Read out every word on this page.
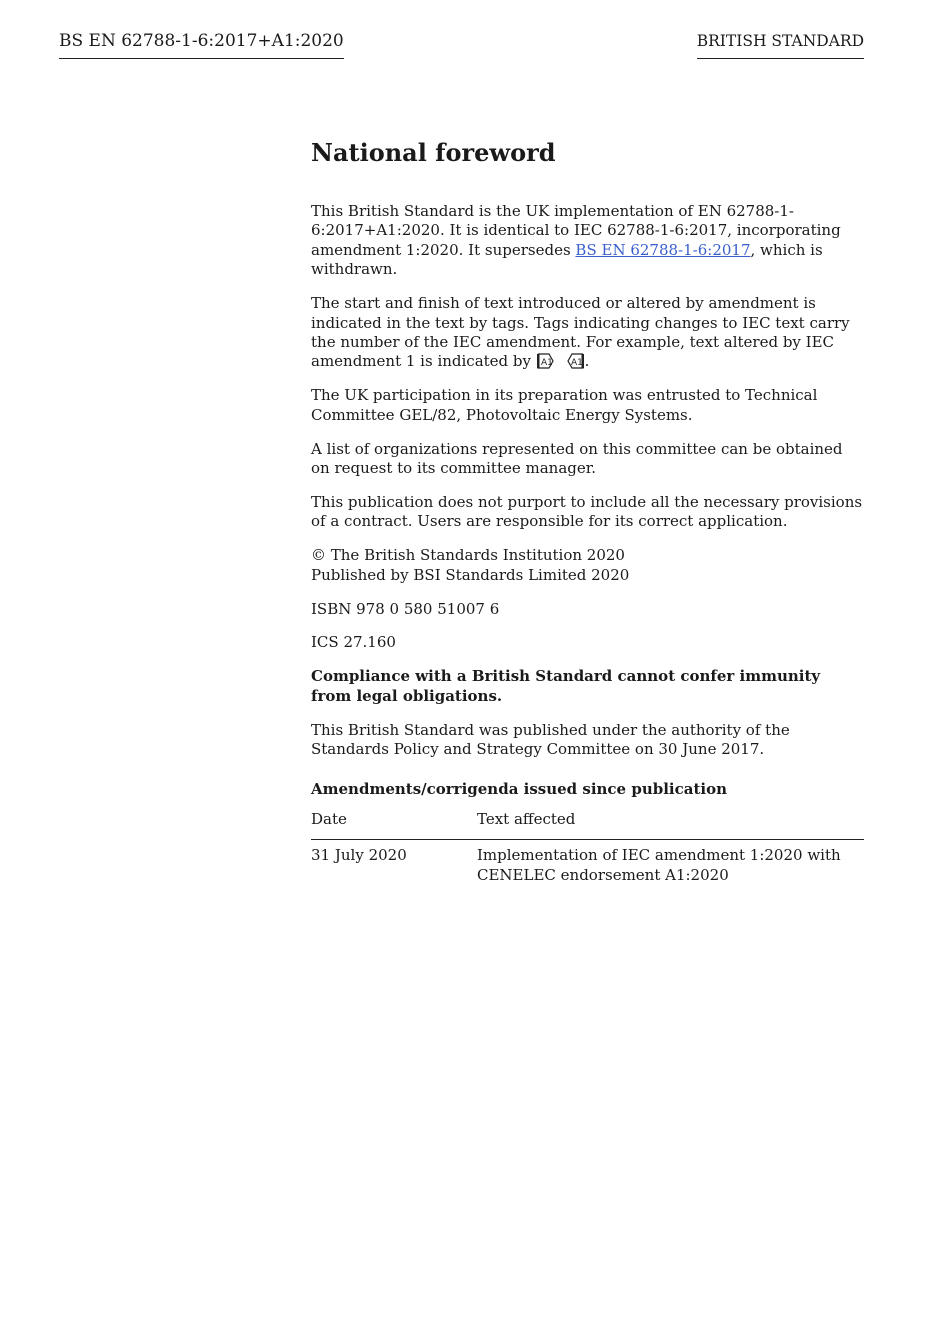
BS EN 62788-1-6:2017+A1:2020	BRITISH STANDARD
National foreword

This British Standard is the UK implementation of EN 62788-1-6:2017+A1:2020. It is identical to IEC 62788-1-6:2017, incorporating amendment 1:2020. It supersedes BS EN 62788-1-6:2017, which is withdrawn.

The start and finish of text introduced or altered by amendment is indicated in the text by tags. Tags indicating changes to IEC text carry the number of the IEC amendment. For example, text altered by IEC amendment 1 is indicated by A1
A1 .

The UK participation in its preparation was entrusted to Technical Committee GEL/82, Photovoltaic Energy Systems.

A list of organizations represented on this committee can be obtained on request to its committee manager.

This publication does not purport to include all the necessary provisions of a contract. Users are responsible for its correct application.

© The British Standards Institution 2020
Published by BSI Standards Limited 2020

ISBN 978 0 580 51007 6

ICS 27.160

Compliance with a British Standard cannot confer immunity from legal obligations.

This British Standard was published under the authority of the Standards Policy and Strategy Committee on 30 June 2017.

Amendments/corrigenda issued since publication
Date	Text affected
31 July 2020	Implementation of IEC amendment 1:2020 with
CENELEC endorsement A1:2020
